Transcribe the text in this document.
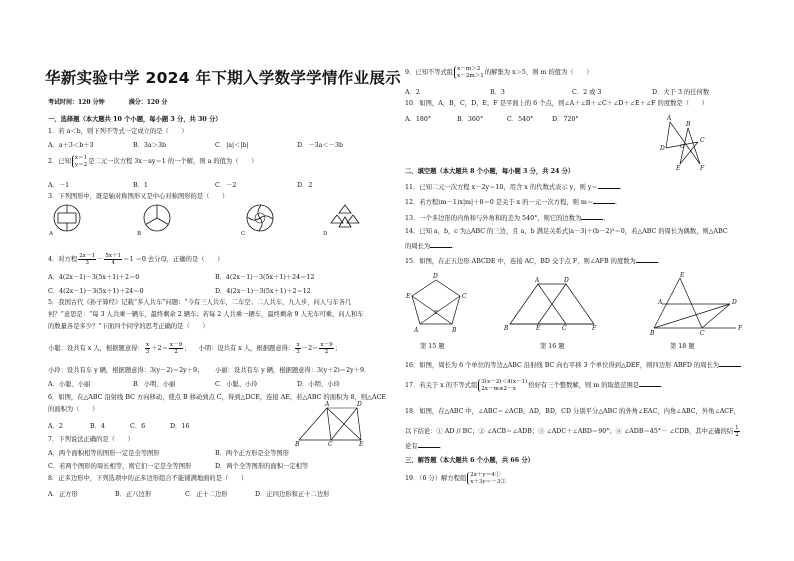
华新实验中学 2024 年下期入学数学学情作业展示
考试时间：120 分钟	满分：120 分
一、选择题（本大题共 10 个小题，每小题 3 分，共 30 分）
1．若 a＜b，则下列不等式一定成立的是（　　）
A．a＋3＜b＋3	B．3a＞3b	C．|a|＜|b|	D．－3a＜－3b
2．已知 x＝1
y＝2是二元一次方程 3x－ay＝1 的一个解，则 a 的值为（　　）
A．－1	B．1	C．－2	D．2
3．下列图形中，既是轴对称图形又是中心对称图形的是（　　）
A	B	C	D
4．对方程 $\frac{2x-1}{3} - \frac{5x+1}{4} =1 =0$ 去分母，正确的是（　　）
A．4(2x－1)－3(5x＋1)＋2＝0	B．4(2x－1)－3(5x＋1)＋24＝12
C．4(2x－1)－3(5x＋1)＋24＝0	D．4(2x－1)－3(5x＋1)＋2＝12
5．我国古代《孙子算经》记载“多人共车”问题：“今有三人共车，二车空；二人共车，九人步，问人与车各几
何？”意思是：“每 3 人共乘一辆车，最终剩余 2 辆车；若每 2 人共乘一辆车，最终剩余 9 人无车可乘，问人和车
的数量各是多少？”下面四个同学的思考正确的是（　　）
小聪：设共有 x 人，根据题意得： $\frac{x}{3} +2= \frac{x-9}{2}$ ；    小明：设共有 x 人，根据题意得： $\frac{x}{3} -2= \frac{x-9}{2}$ ；
小玲：设共有车 y 辆，根据题意得：3(y－2)＝2y＋9； 小丽：设共有车 y 辆，根据题意得：3(y＋2)＝2y＋9．
A．小聪、小丽	B．小明、小丽	C．小聪、小玲	D．小明、小玲
6．如图，在△ABC 沿射线 BC 方向移动，使点 B 移动到点 C，得到△DCE，连接 AE，若△ABC 的面积为 8，则△ACE
的面积为（　　）
A．2	B．4	C．6	D．16
A	D
B	C	E
7．下列说法正确的是（　　）
A．两个面积相等的图形一定是全等图形	B．两个正方形是全等图形
C．若两个图形的周长相等，则它们一定是全等图形	D．两个全等图形的面积一定相等
8．正多边形中，下列选项中的正多边形组合不能铺满地面的是（　　）
A．正方形	B．正八边形	C．正十二边形	D．正四边形和正十二边形
9．已知不等式组 x－m＞2
x－2m＞1的解集为 x＞5，则 m 的值为（　　）
A．2	B．3	C．2 或 3	D．大于 3 的任何数
10．如图，A，B，C，D，E，F 是平面上的 6 个点，则∠A＋∠B＋∠C＋∠D＋∠E＋∠F 的度数是（　　）
A．180°	B．360°	C．540°	D．720°	A
B
C
D
E	F
O
二、填空题（本大题共 8 个小题，每小题 3 分，共 24 分）
11．已知二元一次方程 x－2y＝10，用含 x 的代数式表示 y，则 y＝	．
12．若方程(m－1)x|m|＋8＝0 是关于 x 的一元一次方程，则 m＝	．
13．一个多边形的内角和与外角和的差为 540°，则它的边数为	．
14．已知 a，b，c 为△ABC 的三边，且 a，b 满足关系式|a－3|＋(b－2)²＝0，若△ABC 的周长为偶数，则△ABC
的周长为	．
15．如图，在正五边形 ABCDE 中，连接 AC，BD 交于点 F，则∠AFB 的度数为	．
D
C
E
A	B
F
第 15 题
A	D
B	E	C	F
第 16 题
E
A	D
B	C
F
第 18 题
16．如图，周长为 6 个单位的等边△ABC 沿射线 BC 向右平移 3 个单位得到△DEF，则四边形 ABFD 的周长为	．
17．若关于 x 的不等式组 3(x－2)＜4(x－1)
2x－m≤2－x 恰好有三个整数解，则 m 的取值范围是	．
18．如图，在△ABC 中，∠ABC＝∠ACB，AD，BD，CD 分别平分△ABC 的外角∠EAC，内角∠ABC，外角∠ACF，
以下结论：① AD // BC；② ∠ACB＝∠ADB；③ ∠ADC＋∠ABD＝90°；④ ∠ADB＝45°－ ∠CDB，其中正确的结 $\frac{1}{2}$
论有	．
三、解答题（本大题共 6 个小题，共 66 分）
19．（6 分）解方程组 2x＋y＝4①
x＋3y＝－3②
